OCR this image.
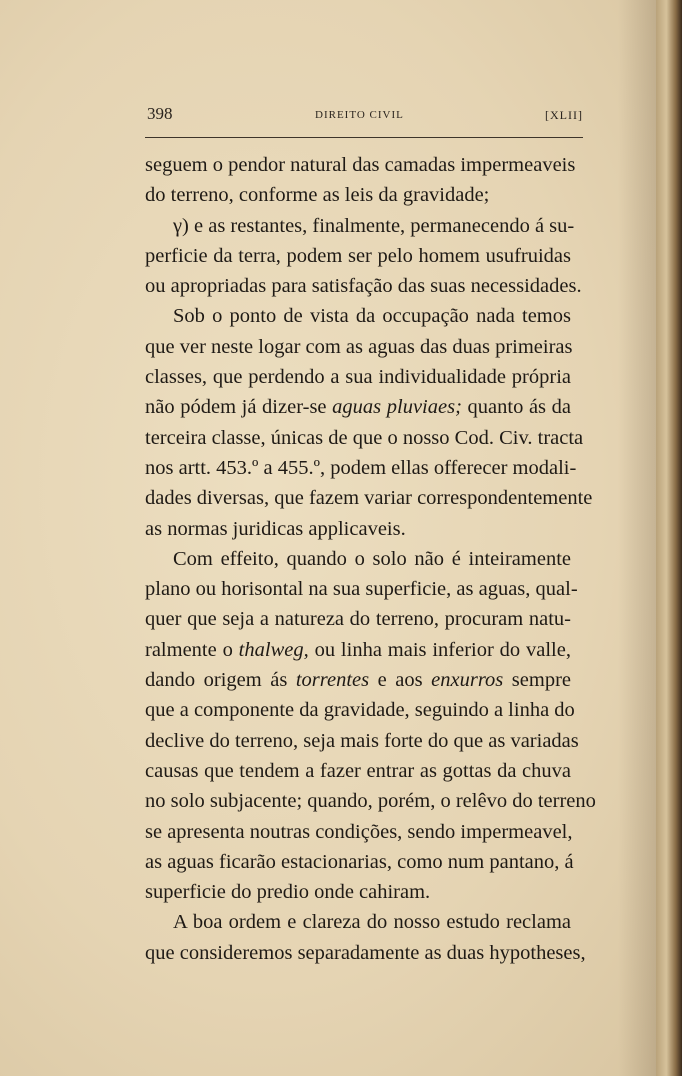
398	DIREITO CIVIL	[XLII]
seguem o pendor natural das camadas impermeaveis
do terreno, conforme as leis da gravidade;
γ) e as restantes, finalmente, permanecendo á su-
perficie da terra, podem ser pelo homem usufruidas
ou apropriadas para satisfação das suas necessidades.
Sob o ponto de vista da occupação nada temos
que ver neste logar com as aguas das duas primeiras
classes, que perdendo a sua individualidade própria
não pódem já dizer-se aguas pluviaes; quanto ás da
terceira classe, únicas de que o nosso Cod. Civ. tracta
nos artt. 453.º a 455.º, podem ellas offerecer modali-
dades diversas, que fazem variar correspondentemente
as normas juridicas applicaveis.
Com effeito, quando o solo não é inteiramente
plano ou horisontal na sua superficie, as aguas, qual-
quer que seja a natureza do terreno, procuram natu-
ralmente o thalweg, ou linha mais inferior do valle,
dando origem ás torrentes e aos enxurros sempre
que a componente da gravidade, seguindo a linha do
declive do terreno, seja mais forte do que as variadas
causas que tendem a fazer entrar as gottas da chuva
no solo subjacente; quando, porém, o relêvo do terreno
se apresenta noutras condições, sendo impermeavel,
as aguas ficarão estacionarias, como num pantano, á
superficie do predio onde cahiram.
A boa ordem e clareza do nosso estudo reclama
que consideremos separadamente as duas hypotheses,
